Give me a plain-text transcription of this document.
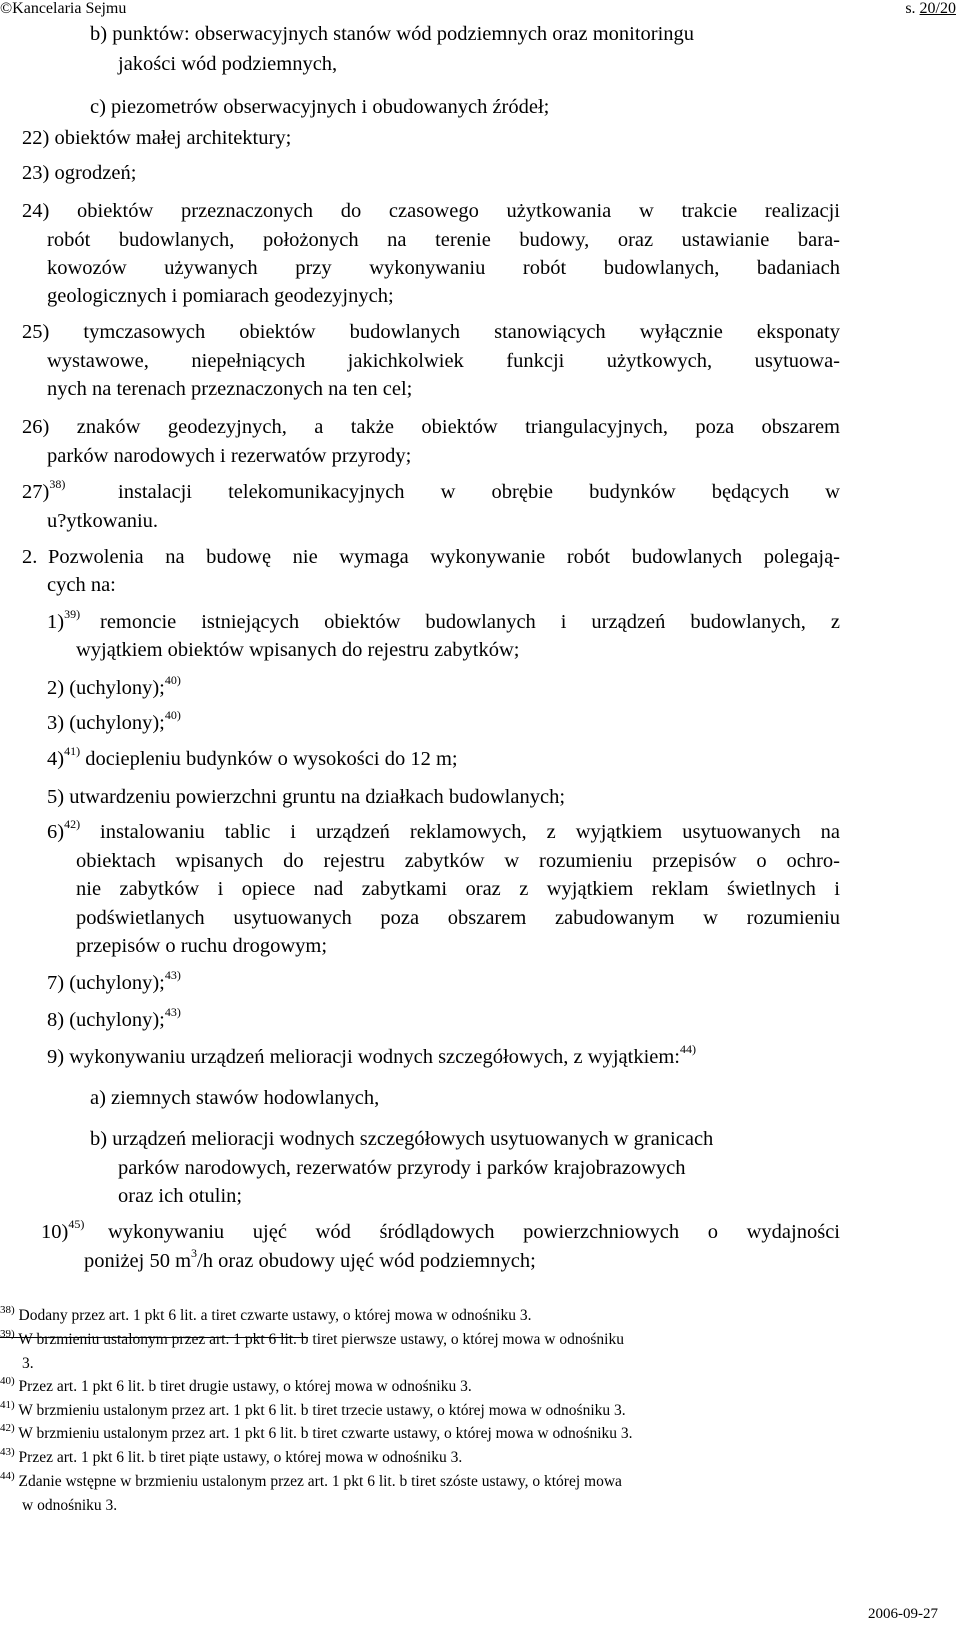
©Kancelaria Sejmu	s. 20/20
b) punktów: obserwacyjnych stanów wód podziemnych oraz monitoringu
jakości wód podziemnych,
c) piezometrów obserwacyjnych i obudowanych źródeł;
22) obiektów małej architektury;
23) ogrodzeń;
24) obiektów przeznaczonych do czasowego użytkowania w trakcie realizacji
robót budowlanych, położonych na terenie budowy, oraz ustawianie bara-
kowozów używanych przy wykonywaniu robót budowlanych, badaniach
geologicznych i pomiarach geodezyjnych;
25) tymczasowych obiektów budowlanych stanowiących wyłącznie eksponaty
wystawowe, niepełniących jakichkolwiek funkcji użytkowych, usytuowa-
nych na terenach przeznaczonych na ten cel;
26) znaków geodezyjnych, a także obiektów triangulacyjnych, poza obszarem
parków narodowych i rezerwatów przyrody;
27)$^{38)}$	instalacji telekomunikacyjnych w obrębie budynków będących w
u?ytkowaniu.
2. Pozwolenia na budowę nie wymaga wykonywanie robót budowlanych polegają-
cych na:
1)$^{39)}$ remoncie istniejących obiektów budowlanych i urządzeń budowlanych, z
wyjątkiem obiektów wpisanych do rejestru zabytków;
2) (uchylony);$^{40)}$
3) (uchylony);$^{40)}$
4)$^{41)}$ dociepleniu budynków o wysokości do 12 m;
5) utwardzeniu powierzchni gruntu na działkach budowlanych;
6)$^{42)}$ instalowaniu tablic i urządzeń reklamowych, z wyjątkiem usytuowanych na
obiektach wpisanych do rejestru zabytków w rozumieniu przepisów o ochro-
nie zabytków i opiece nad zabytkami oraz z wyjątkiem reklam świetlnych i
podświetlanych usytuowanych poza obszarem zabudowanym w rozumieniu
przepisów o ruchu drogowym;
7) (uchylony);$^{43)}$
8) (uchylony);$^{43)}$
9) wykonywaniu urządzeń melioracji wodnych szczegółowych, z wyjątkiem:$^{44)}$
a) ziemnych stawów hodowlanych,
b) urządzeń melioracji wodnych szczegółowych usytuowanych w granicach
parków narodowych, rezerwatów przyrody i parków krajobrazowych
oraz ich otulin;
10)$^{45)}$ wykonywaniu ujęć wód śródlądowych powierzchniowych o wydajności
poniżej 50 $m^3/h$ oraz obudowy ujęć wód podziemnych;
$^{38)}$ Dodany przez art. 1 pkt 6 lit. a tiret czwarte ustawy, o której mowa w odnośniku 3.
$^{39)}$ W brzmieniu ustalonym przez art. 1 pkt 6 lit. b tiret pierwsze ustawy, o której mowa w odnośniku
3.
$^{40)}$ Przez art. 1 pkt 6 lit. b tiret drugie ustawy, o której mowa w odnośniku 3.
$^{41)}$ W brzmieniu ustalonym przez art. 1 pkt 6 lit. b tiret trzecie ustawy, o której mowa w odnośniku 3.
$^{42)}$ W brzmieniu ustalonym przez art. 1 pkt 6 lit. b tiret czwarte ustawy, o której mowa w odnośniku 3.
$^{43)}$ Przez art. 1 pkt 6 lit. b tiret piąte ustawy, o której mowa w odnośniku 3.
$^{44)}$ Zdanie wstępne w brzmieniu ustalonym przez art. 1 pkt 6 lit. b tiret szóste ustawy, o której mowa
w odnośniku 3.
2006-09-27
